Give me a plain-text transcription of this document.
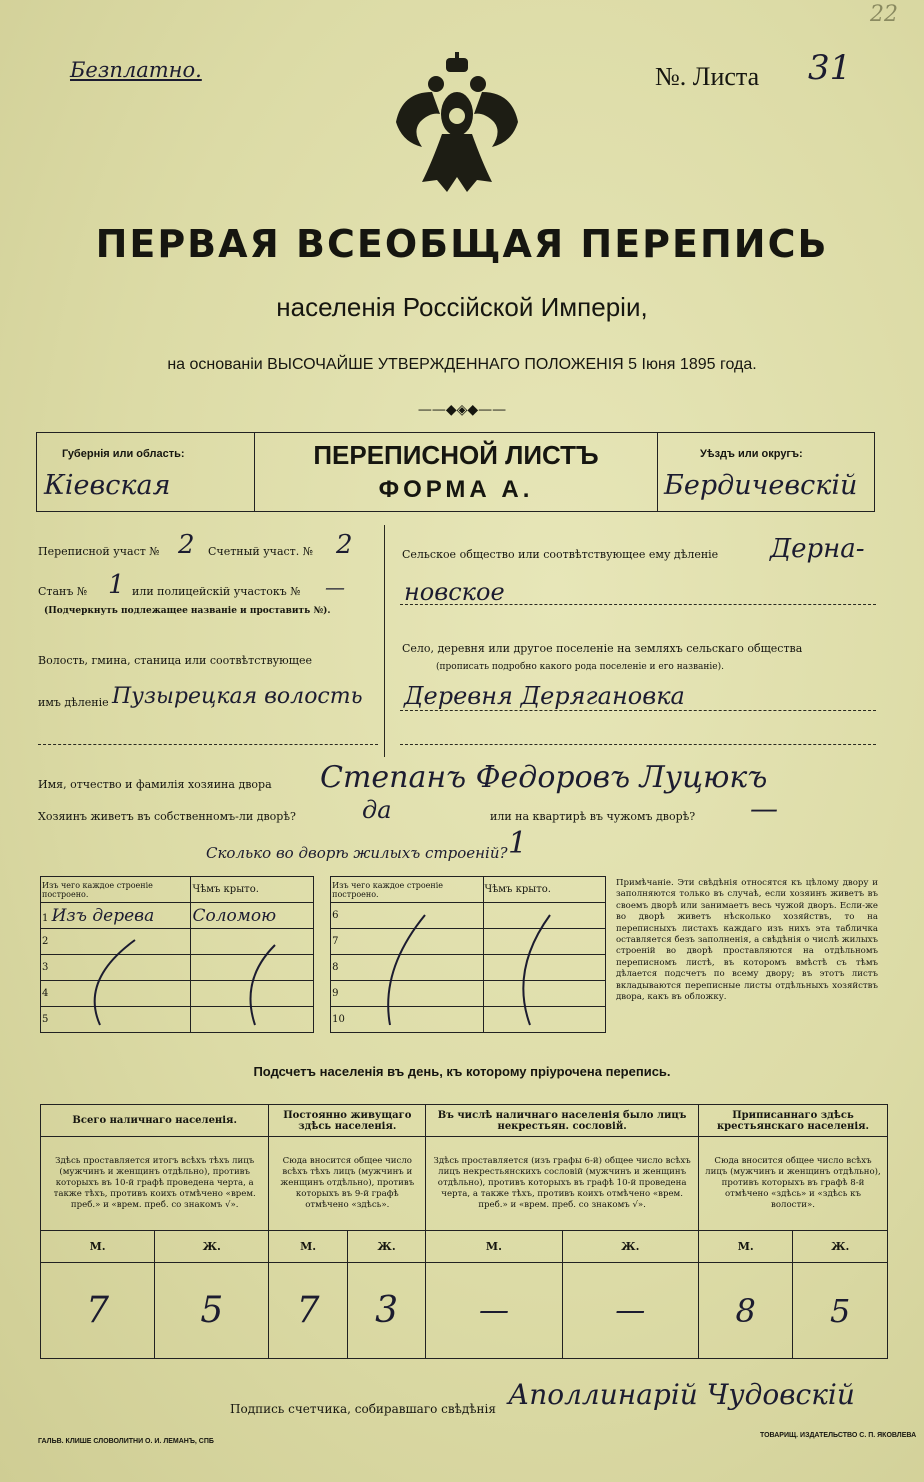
Безплатно.	№. Листа 31
22
ПЕРВАЯ ВСЕОБЩАЯ ПЕРЕПИСЬ
населенія Россійской Имперіи,
на основаніи ВЫСОЧАЙШЕ УТВЕРЖДЕННАГО ПОЛОЖЕНІЯ 5 Іюня 1895 года.
——◆◈◆——
Губернія или область:
Кіевская
ПЕРЕПИСНОЙ ЛИСТЪ
ФОРМА А.
Уѣздъ или округъ:
Бердичевскій
Переписной участ № 2 Счетный участ. № 2
Станъ № 1 или полицейскій участокъ № —
(Подчеркнуть подлежащее названіе и проставить №).
Волость, гмина, станица или соотвѣтствующее
имъ дѣленіе Пузырецкая волость
Сельское общество или соотвѣтствующее ему дѣленіе Дерна-
новское
Село, деревня или другое поселеніе на земляхъ сельскаго общества
(прописать подробно какого рода поселеніе и его названіе).
Деревня Дерягановка
Имя, отчество и фамилія хозяина двора Степанъ Федоровъ Луцюкъ
Хозяинъ живетъ въ собственномъ-ли дворѣ?	да	или на квартирѣ въ чужомъ дворѣ? —
Сколько во дворѣ жилыхъ строеній? 1
Изъ чего каждое строеніе построено.	Чѣмъ крыто.		Изъ чего каждое строеніе построено.	Чѣмъ крыто.
1 Изъ дерева	Соломою		6	
2			7	
3			8	
4			9	
5			10	
Примѣчаніе. Эти свѣдѣнія относятся къ цѣлому двору и заполняются только въ случаѣ, если хозяинъ живетъ въ своемъ дворѣ или занимаетъ весь чужой дворъ. Если-же во дворѣ живетъ нѣсколько хозяйствъ, то на переписныхъ листахъ каждаго изъ нихъ эта табличка оставляется безъ заполненія, а свѣдѣнія о числѣ жилыхъ строеній во дворѣ проставляются на отдѣльномъ переписномъ листѣ, въ которомъ вмѣстѣ съ тѣмъ дѣлается подсчетъ по всему двору; въ этотъ листъ вкладываются переписные листы отдѣльныхъ хозяйствъ двора, какъ въ обложку.
Подсчетъ населенія въ день, къ которому пріурочена перепись.
Всего наличнаго населенія.		Постоянно живущаго здѣсь населенія.		Въ числѣ наличнаго населенія было лицъ некрестьян. сословій.		Приписаннаго здѣсь крестьянскаго населенія.	
Здѣсь проставляется итогъ всѣхъ тѣхъ лицъ (мужчинъ и женщинъ отдѣльно), противъ которыхъ въ 10-й графѣ проведена черта, а также тѣхъ, противъ коихъ отмѣчено «врем. преб.» и «врем. преб. со знакомъ √».		Сюда вносится общее число всѣхъ тѣхъ лицъ (мужчинъ и женщинъ отдѣльно), противъ которыхъ въ 9-й графѣ отмѣчено «здѣсь».		Здѣсь проставляется (изъ графы 6-й) общее число всѣхъ лицъ некрестьянскихъ сословій (мужчинъ и женщинъ отдѣльно), противъ которыхъ въ графѣ 10-й проведена черта, а также тѣхъ, противъ коихъ отмѣчено «врем. преб.» и «врем. преб. со знакомъ √».		Сюда вносится общее число всѣхъ лицъ (мужчинъ и женщинъ отдѣльно), противъ которыхъ въ графѣ 8-й отмѣчено «здѣсь» и «здѣсь къ волости».	
М.	Ж.	М.	Ж.	М.	Ж.	М.	Ж.
7	5	7	3	—	—	8	5
Подпись счетчика, собиравшаго свѣдѣнія Аполлинарій Чудовскій
ГАЛЬВ. КЛИШЕ СЛОВОЛИТНИ О. И. ЛЕМАНЪ, СПБ
ТОВАРИЩ. ИЗДАТЕЛЬСТВО С. П. ЯКОВЛЕВА
